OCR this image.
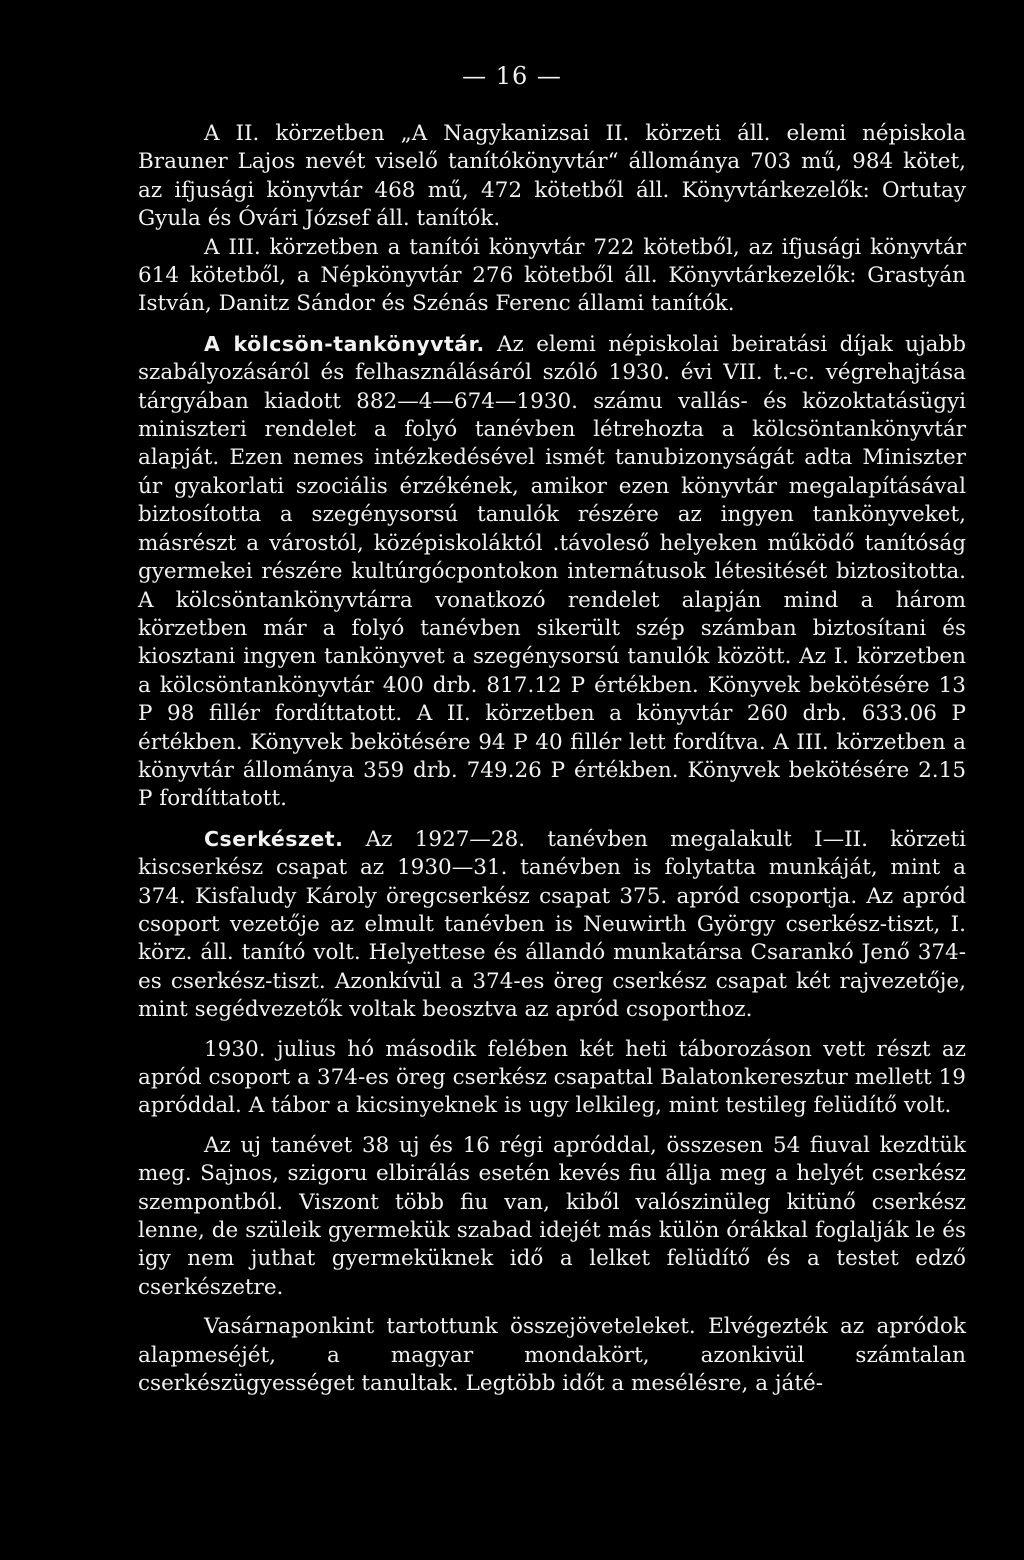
— 16 —

A II. körzetben „A Nagykanizsai II. körzeti áll. elemi népiskola Brauner Lajos nevét viselő tanítókönyvtár“ állománya 703 mű, 984 kötet, az ifjusági könyvtár 468 mű, 472 kötetből áll. Könyvtárkezelők: Ortutay Gyula és Óvári József áll. tanítók.

A III. körzetben a tanítói könyvtár 722 kötetből, az ifjusági könyvtár 614 kötetből, a Népkönyvtár 276 kötetből áll. Könyvtárkezelők: Grastyán István, Danitz Sándor és Szénás Ferenc állami tanítók.

A kölcsön-tankönyvtár. Az elemi népiskolai beiratási díjak ujabb szabályozásáról és felhasználásáról szóló 1930. évi VII. t.-c. végrehajtása tárgyában kiadott 882—4—674—1930. számu vallás- és közoktatásügyi miniszteri rendelet a folyó tanévben létrehozta a kölcsöntankönyvtár alapját. Ezen nemes intézkedésével ismét tanubizonyságát adta Miniszter úr gyakorlati szociális érzékének, amikor ezen könyvtár megalapításával biztosította a szegénysorsú tanulók részére az ingyen tankönyveket, másrészt a várostól, középiskoláktól .távoleső helyeken működő tanítóság gyermekei részére kultúrgócpontokon internátusok létesitését biztositotta. A kölcsöntankönyvtárra vonatkozó rendelet alapján mind a három körzetben már a folyó tanévben sikerült szép számban biztosítani és kiosztani ingyen tankönyvet a szegénysorsú tanulók között. Az I. körzetben a kölcsöntankönyvtár 400 drb. 817.12 P értékben. Könyvek bekötésére 13 P 98 fillér fordíttatott. A II. körzetben a könyvtár 260 drb. 633.06 P értékben. Könyvek bekötésére 94 P 40 fillér lett fordítva. A III. körzetben a könyvtár állománya 359 drb. 749.26 P értékben. Könyvek bekötésére 2.15 P fordíttatott.

Cserkészet. Az 1927—28. tanévben megalakult I—II. körzeti kiscserkész csapat az 1930—31. tanévben is folytatta munkáját, mint a 374. Kisfaludy Károly öregcserkész csapat 375. apród csoportja. Az apród csoport vezetője az elmult tanévben is Neuwirth György cserkész-tiszt, I. körz. áll. tanító volt. Helyettese és állandó munkatársa Csarankó Jenő 374-es cserkész-tiszt. Azonkívül a 374-es öreg cserkész csapat két rajvezetője, mint segédvezetők voltak beosztva az apród csoporthoz.

1930. julius hó második felében két heti táborozáson vett részt az apród csoport a 374-es öreg cserkész csapattal Balatonkeresztur mellett 19 apróddal. A tábor a kicsinyeknek is ugy lelkileg, mint testileg felüdítő volt.

Az uj tanévet 38 uj és 16 régi apróddal, összesen 54 fiuval kezdtük meg. Sajnos, szigoru elbirálás esetén kevés fiu állja meg a helyét cserkész szempontból. Viszont több fiu van, kiből valószinüleg kitünő cserkész lenne, de szüleik gyermekük szabad idejét más külön órákkal foglalják le és igy nem juthat gyermeküknek idő a lelket felüdítő és a testet edző cserkészetre.

Vasárnaponkint tartottunk összejöveteleket. Elvégezték az apródok alapmeséjét, a magyar mondakört, azonkivül számtalan cserkészügyességet tanultak. Legtöbb időt a mesélésre, a játé-
